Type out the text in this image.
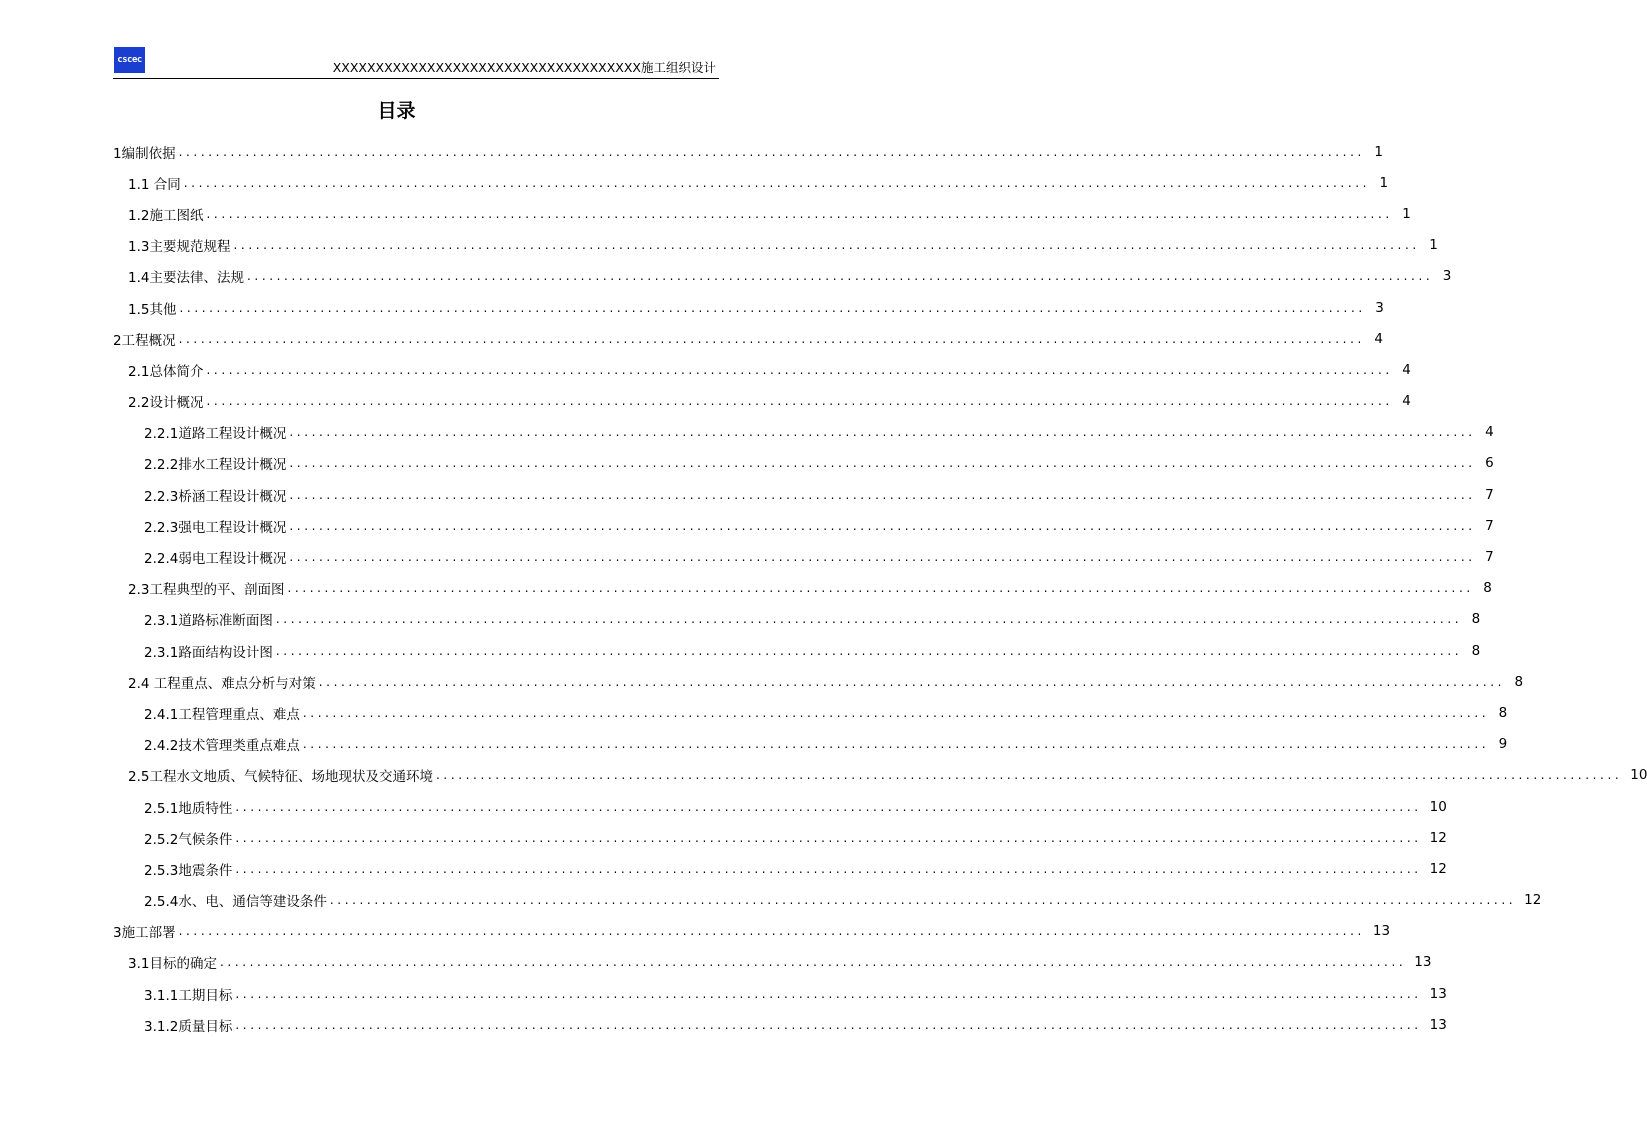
cscec
XXXXXXXXXXXXXXXXXXXXXXXXXXXXXXXXXXXX施工组织设计
目录
1编制依据 ................................................................................................................................................................ 1
1.1 合同 ................................................................................................................................................................ 1
1.2施工图纸 ................................................................................................................................................................ 1
1.3主要规范规程 ................................................................................................................................................................ 1
1.4主要法律、法规 ................................................................................................................................................................ 3
1.5其他 ................................................................................................................................................................ 3
2工程概况 ................................................................................................................................................................ 4
2.1总体简介 ................................................................................................................................................................ 4
2.2设计概况 ................................................................................................................................................................ 4
2.2.1道路工程设计概况 ................................................................................................................................................................ 4
2.2.2排水工程设计概况 ................................................................................................................................................................ 6
2.2.3桥涵工程设计概况 ................................................................................................................................................................ 7
2.2.3强电工程设计概况 ................................................................................................................................................................ 7
2.2.4弱电工程设计概况 ................................................................................................................................................................ 7
2.3工程典型的平、剖面图 ................................................................................................................................................................ 8
2.3.1道路标准断面图 ................................................................................................................................................................ 8
2.3.1路面结构设计图 ................................................................................................................................................................ 8
2.4 工程重点、难点分析与对策 ................................................................................................................................................................ 8
2.4.1工程管理重点、难点 ................................................................................................................................................................ 8
2.4.2技术管理类重点难点 ................................................................................................................................................................ 9
2.5工程水文地质、气候特征、场地现状及交通环境 ................................................................................................................................................................ 10
2.5.1地质特性 ................................................................................................................................................................ 10
2.5.2气候条件 ................................................................................................................................................................ 12
2.5.3地震条件 ................................................................................................................................................................ 12
2.5.4水、电、通信等建设条件 ................................................................................................................................................................ 12
3施工部署 ................................................................................................................................................................ 13
3.1目标的确定 ................................................................................................................................................................ 13
3.1.1工期目标 ................................................................................................................................................................ 13
3.1.2质量目标 ................................................................................................................................................................ 13
